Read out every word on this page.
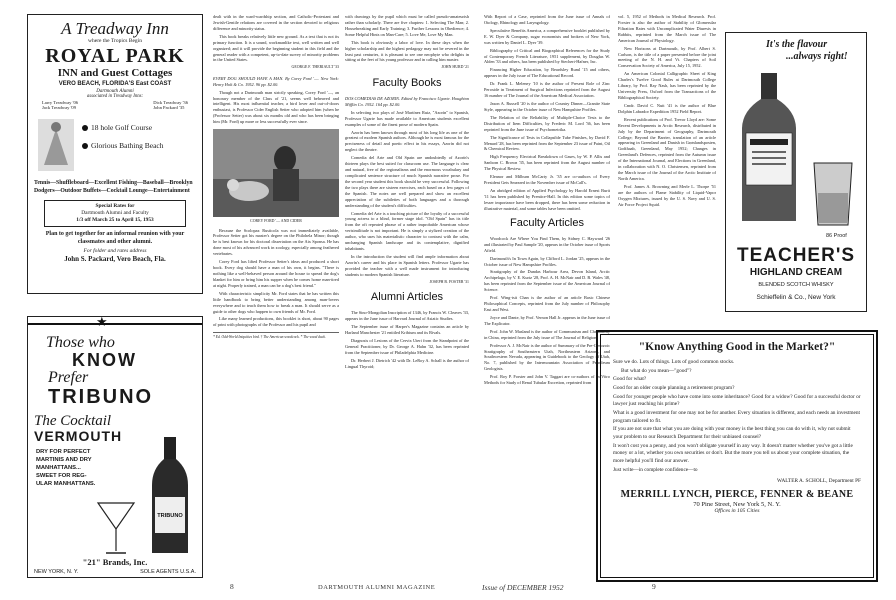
A Treadway Inn
where the Tropics Begin
ROYAL PARK
INN and Guest Cottages
VERO BEACH, FLORIDA'S East COAST
Dartmouth Alumni
associated in Treadway Inns:
Larry Treadway '06
Jack Treadway '09
Dick Treadway '36
John Packard '35
18 hole Golf Course
Glorious Bathing Beach
Tennis—Shuffleboard—Excellent Fishing—Baseball—Brooklyn Dodgers—Outdoor Buffets—Cocktail Lounge—Entertainment
Special Rates for
Dartmouth Alumni and Faculty
1/3 off March 25 to April 15, 1953
Plan to get together for an informal reunion with your classmates and other alumni.
For folder and rates address
John S. Packard, Vero Beach, Fla.
Those who
KNOW
Prefer
TRIBUNO
The Cocktail
VERMOUTH
DRY FOR PERFECT
MARTINIS AND DRY
MANHATTANS...
SWEET FOR REG-
ULAR MANHATTANS.
TRIBUNO
"21" Brands, Inc.
NEW YORK, N. Y.	SOLE AGENTS U.S.A.

dealt with in the ward-wardship section, and Catholic-Protestant and Jewish-Gentile relations are covered in the section devoted to religious difference and minority status.

This book breaks relatively little new ground. As a text that is not its primary function. It is a sound, workmanlike text, well written and well organized; and it will provide the beginning student in this field and the general reader with a competent, up-to-date survey of minority problems in the United States.

GEORGE F. THERIAULT '33

EVERY DOG SHOULD HAVE A MAN. By Corey Ford '—. New York: Henry Holt & Co. 1952. 96 pp. $2.00.

Though not a Dartmouth man strictly speaking, Corey Ford '—, an honorary member of the Class of '21, seems well beheaved and intelligent. His most influential teacher, a bird lover and out-of-doors enthusiast, is Professor Cider English Setter who adopted him (when he (Professor Setter) was about six months old and who has been bringing him (Mr. Ford) up more or less successfully ever since.

COREY FORD '— AND CIDER

Because the Scolopax Rusticola was not immediately available, Professor Setter got his master's degree on the Philohela Minor; though he is best known for his doctoral dissertation on the Aix Sponsa. He has done most of his advanced work in zoology, especially among feathered vertebrates.

Corey Ford has lifted Professor Setter's ideas and produced a short book. Every dog should have a man of his own, it begins. "There is nothing like a well-behaved person around the house to spread the dog's blanket for him or bring him his supper when he comes home man-tired at night. Properly trained, a man can be a dog's best friend."

With characteristic simplicity Mr. Ford states that he has written this little handbook to bring better understanding among man-lovers everywhere and to teach them how to break a man. It should serve as a guide to other dogs who happen to own friends of Mr. Ford.

Like many learned productions, this booklet is short, about 90 pages of print with photographs of the Professor and his pupil and

* Ed. Odd-World Iniquities bird. † The American woodcock. * The wood duck.

with drawings by the pupil which must be called pseudo-amateurish rather than scholarly. There are five chapters: 1. Selecting The Man; 2. Housebreaking and Early Training; 3. Further Lessons in Obedience; 4. Some Helpful Hints on Man-Care; 5. Love Me, Love My Man.

This book is obviously a labor of love. In these days when the higher scholarship and the highest pedagogy may not be revered in the least past centuries, it is pleasant to see one neophyte who delights in sitting at the feet of his young professor and in calling him master.

JOHN HURD '21

Faculty Books

DOS COMEDIAS DE AZORIN. Edited by Francisco Ugarte. Houghton Mifflin Co. 1952. 164 pp. $2.00.

In selecting two plays of José Martínez Ruiz, "Azorín" to Spanish, Professor Ugarte has made available to American students excellent examples of some of the finest prose of modern Spain.

Azorín has been known through most of his long life as one of the greatest of modern Spanish authors. Although he is most famous for the preciseness of detail and poetic effect in his essays, Azorín did not neglect the theatre.

Comedia del Arte and Old Spain are undoubtedly of Azorín's thirteen plays the best suited for classroom use. The language is clear and natural, free of the regionalisms and the enormous vocabulary and complicated sentence structure of much Spanish narrative prose. For the second year student this book should be very successful. Following the two plays there are sixteen exercises, each based on a few pages of the Spanish. The notes are well prepared and show an excellent appreciation of the subtleties of both languages and a thorough understanding of the student's difficulties.

Comedia del Arte is a touching picture of the loyalty of a successful young actress to a blind, former stage idol. "Old Spain" has its title from the oft repeated phrase of a rather improbable American whose verisimilitude is not important. He is simply a stylized creation of the author, who uses his materialistic character to contrast with the calm, unchanging Spanish landscape and its contemplative, dignified inhabitants.

In the introduction the student will find ample information about Azorín's career and his place in Spanish letters. Professor Ugarte has provided the teacher with a well made instrument for introducing students to modern Spanish literature.

JOSEPH B. FOSTER '31

Alumni Articles

The Sino-Mongolian Inscription of 1346, by Francis W. Cleaves '33, appears in the June issue of Harvard Journal of Asiatic Studies.

The September issue of Harper's Magazine contains an article by Harland Manchester '21 entitled Kribium and its Rivals.

Diagnosis of Lesions of the Cervix Uteri from the Standpoint of the General Practitioner, by Dr. George A. Hahn '32, has been reprinted from the September issue of Philadelphia Medicine.

Dr. Herbert J. Dietrich '42 with Dr. LeRoy A. Schall is the author of Lingual Thyroid;

With Report of a Case, reprinted from the June issue of Annals of Otology, Rhinology and Laryngology.

Speculative Benefits America, a comprehensive booklet published by E. W. Dyer & Company, sugar economists and brokers of New York, was written by Daniel L. Dyer '39.

Bibliography of Critical and Biographical References for the Study of Contemporary French Literature, 1951 supplement, by Douglas W. Alden '33 and others, has been published by Stechert-Hafner, Inc.

Financing Higher Education, by Beardsley Ruml '15 and others, appears in the July issue of The Educational Record.

Dr. Frank L. Meleney '10 is the author of Present Role of Zinc Peroxide in Treatment of Surgical Infections reprinted from the August 16 number of The Journal of the American Medical Association.

Jason A. Russell '20 is the author of Country Dinner—Granite State Style, appearing in the October issue of New Hampshire Profiles.

The Relation of the Reliability of Multiple-Choice Tests to the Distribution of Item Difficulties, by Frederic M. Lord '36, has been reprinted from the June issue of Psychometrika.

The Significance of Tests in Collapsible Tube Finishes, by David F. Menard '28, has been reprinted from the September 23 issue of Paint, Oil & Chemical Review.

High Frequency Electrical Breakdown of Gases, by W. P. Allis and Sanborn C. Brown '35, has been reprinted from the August number of The Physical Review.

Eleanor and Milburn McCarty Jr. '35 are co-authors of Every President Gets Smeared in the November issue of McCall's.

An abridged edition of Applied Psychology by Harold Ernest Burtt '11 has been published by Prentice-Hall. In this edition some topics of lesser importance have been dropped, there has been some reduction in illustrative material, and some tables have been omitted.

Faculty Articles

Woodcock Are Where You Find Them, by Sidney C. Hayward '26 and illustrated by Paul Sample '20, appears in the October issue of Sports Afield.

Dartmouth's In Town Again, by Clifford L. Jordan '25, appears in the October issue of New Hampshire Profiles.

Stratigraphy of the Dundas Harbour Area, Devon Island, Arctic Archipelago, by V. E. Kurtz '28, Prof. A. H. McNair and D. B. Wales '48, has been reprinted from the September issue of the American Journal of Science.

Prof. Wing-tsit Chan is the author of an article Basic Chinese Philosophical Concepts, reprinted from the July number of Philosophy East and West.

Joyce and Dante, by Prof. Vernon Hall Jr. appears in the June issue of The Explicator.

Prof. John W. Masland is the author of Communism and Christianity in China, reprinted from the July issue of The Journal of Religion.

Professor A. J. McNair is the author of Summary of the Pre-Cenozoic Stratigraphy of Southeastern Utah, Northeastern Arizona, and Southwestern Nevada, appearing in Guidebook to the Geology of Utah, No. 7, published by the Intermountain Association of Petroleum Geologists.

Prof. Roy P. Forster and John V. Taggart are co-authors of In Vitro Methods for Study of Renal Tubular Excretion, reprinted from

vol. 5, 1952 of Methods in Medical Research. Prof. Forster is also the author of Stability of Glomerular Filtration Rates with Uncomplicated Water Diuresis in Rabbits, reprinted from the March issue of The American Journal of Physiology.

New Horizons at Dartmouth, by Prof. Albert S. Carlson, is the title of a paper presented before the joint meeting of the N. H. and Vt. Chapters of Soil Conservation Society of America, July 15, 1952.

An American Colonial Calligraphic Sheet of King Charles's Twelve Good Rules at Dartmouth College Library, by Prof. Ray Nash, has been reprinted by the University Press, Oxford from the Transactions of the Bibliographical Society.

Cmdr. David C. Nutt '41 is the author of Blue Dolphin Labrador Expedition 1952 Field Report.

Recent publications of Prof. Trevor Lloyd are: Some Recent Developments in Arctic Research, distributed in July by the Department of Geography, Dartmouth College; Beyond the Barrier, translation of an article appearing in Greenland and Danish in Grønlandsposten, Godthaab, Greenland, May 1952; Changes in Greenland's Defences, reprinted from the Autumn issue of the International Journal, and Elections in Greenland, in collaboration with N. O. Christensen, reprinted from the March issue of the Journal of the Arctic Institute of North America.

Prof. James A. Browning and Merle L. Thorpe '51 are the authors of Flame Stability of Liquid-Vapor Oxygen Mixtures, issued by the U. S. Navy and U. S. Air Force Project Squid.

It's the flavour
...always right!
86 Proof
TEACHER'S
HIGHLAND CREAM
BLENDED SCOTCH WHISKY
Schieffelin & Co., New York
"Know Anything Good in the Market?"

Sure we do. Lots of things. Lots of good common stocks.

But what do you mean—"good"?

Good for what?

Good for an older couple planning a retirement program?

Good for younger people who have come into some inheritance? Good for a widow? Good for a successful doctor or lawyer just reaching his prime?

What is a good investment for one may not be for another. Every situation is different, and each needs an investment program tailored to fit.

If you are not sure that what you are doing with your money is the best thing you can do with it, why not submit your problem to our Research Department for their unbiased counsel?

It won't cost you a penny, and you won't obligate yourself in any way. It doesn't matter whether you've got a little money or a lot, whether you own securities or don't. But the more you tell us about your complete situation, the more helpful you'll find our answer.

Just write—in complete confidence—to

WALTER A. SCHOLL, Department PF
MERRILL LYNCH, PIERCE, FENNER & BEANE
70 Pine Street, New York 5, N. Y.
Offices in 105 Cities
8	DARTMOUTH ALUMNI MAGAZINE	Issue of DECEMBER 1952	9
